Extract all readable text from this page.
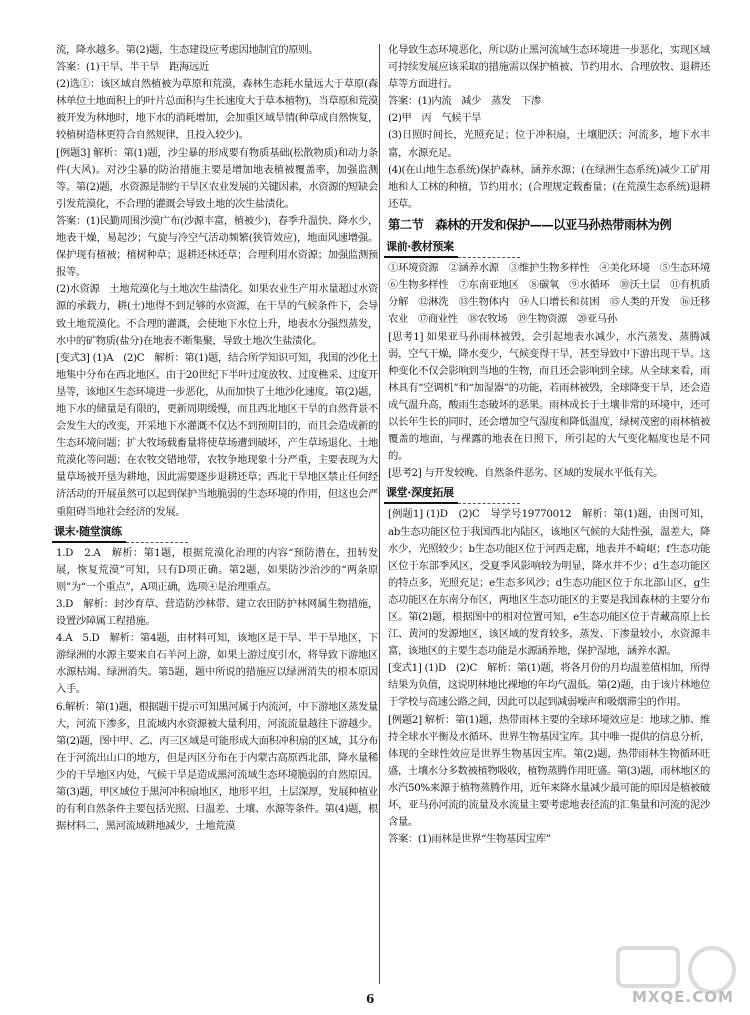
流，降水越多。第(2)题，生态建设应考虑因地制宜的原则。

答案：(1)干旱、半干旱　距海远近

(2)选①：该区域自然植被为草原和荒漠，森林生态耗水量远大于草原(森林单位土地面积上的叶片总面积与生长速度大于草本植物)，当草原和荒漠被开发为林地时，地下水的消耗增加，会加重区域旱情(种草成自然恢复，较植树造林更符合自然规律，且投入较少)。

[例题3] 解析：第(1)题，沙尘暴的形成要有物质基础(松散物质)和动力条件(大风)。对沙尘暴的防治措施主要是增加地表植被覆盖率，加强监测等。第(2)题，水资源是制约干旱区农业发展的关键因素，水资源的短缺会引发荒漠化，不合理的灌溉会导致土地的次生盐渍化。

答案：(1)民勤周围沙漠广布(沙源丰富，植被少)，春季升温快、降水少，地表干燥，易起沙；气旋与冷空气活动频繁(狭管效应)，地面风速增强。保护现有植被；植树种草；退耕还林还草；合理利用水资源；加强监测预报等。

(2)水资源　土地荒漠化与土地次生盐渍化。如果农业生产用水量超过水资源的承载力，耕(土)地得不到足够的水资源，在干旱的气候条件下，会导致土地荒漠化。不合理的灌溉，会使地下水位上升，地表水分强烈蒸发，水中的矿物质(盐分)在地表不断集聚，导致土地次生盐渍化。

[变式3] (1)A　(2)C　解析：第(1)题，结合所学知识可知，我国的沙化土地集中分布在西北地区。由于20世纪下半叶过度放牧、过度樵采、过度开垦等，该地区生态环境进一步恶化，从而加快了土地沙化速度。第(2)题，地下水的储量是有限的，更新周期缓慢，而且西北地区干旱的自然背景不会发生大的改变，开采地下水灌溉不仅达不到预期目的，而且会造成新的生态环境问题；扩大牧场载畜量将使草场遭到破坏，产生草场退化、土地荒漠化等问题；在农牧交错地带，农牧争地现象十分严重，主要表现为大量草场被开垦为耕地，因此需要逐步退耕还草；西北干旱地区禁止任何经济活动的开展虽然可以起到保护当地脆弱的生态环境的作用，但这也会严重阻碍当地社会经济的发展。

课末·随堂演练

1.D　2.A　解析：第1题，根据荒漠化治理的内容“预防潜在，扭转发展，恢复荒漠”可知，只有D项正确。第2题，如果防沙治沙的“两条原则”为“一个重点”，A项正确，选项④是治理重点。

3.D　解析：封沙育草、营造防沙林带、建立农田防护林网属生物措施，设置沙障属工程措施。

4.A　5.D　解析：第4题，由材料可知，该地区是干旱、半干旱地区，下游绿洲的水源主要来自石羊河上游，如果上游过度引水，将导致下游地区水源枯竭、绿洲消失。第5题，题中所说的措施应以绿洲消失的根本原因入手。

6.解析：第(1)题，根据题干提示可知黑河属于内流河，中下游地区蒸发量大，河流下渗多，且流域内水资源被大量利用，河流流量越往下游越少。第(2)题，图中甲、乙、丙三区域是可能形成大面积冲积扇的区域，其分布在于河流出山口的地方，但是丙区分布在于内蒙古高原西北部，降水量稀少的干旱地区内处，气候干旱是造成黑河流域生态环境脆弱的自然原因。第(3)题，甲区域位于黑河冲积扇地区，地形平坦，土层深厚，发展种植业的有利自然条件主要包括光照、日温差、土壤、水源等条件。第(4)题，根据材料二，黑河流域耕地减少，土地荒漠

化导致生态环境恶化，所以防止黑河流域生态环境进一步恶化，实现区域可持续发展应该采取的措施需以保护植被、节约用水、合理放牧、退耕还草等方面进行。

答案：(1)内流　减少　蒸发　下渗

(2)甲　丙　气候干旱

(3)日照时间长，光照充足；位于冲积扇，土壤肥沃；河流多，地下水丰富，水源充足。

(4)(在山地生态系统)保护森林，涵养水源；(在绿洲生态系统)减少工矿用地和人工林的种植，节约用水；(合理规定载畜量；(在荒漠生态系统)退耕还草。

第二节　森林的开发和保护——以亚马孙热带雨林为例
课前·教材预案

①环境资源　②涵养水源　③维护生物多样性　④美化环境　⑤生态环境　⑥生物多样性　⑦东南亚地区　⑧碳氧　⑨水循环　⑩沃土层　⑪有机质分解　⑫淋洗　⑬生物体内　⑭人口增长和贫困　⑮人类的开发　⑯迁移农业　⑰商业性　⑱农牧场　⑲生物资源　⑳亚马孙

[思考1] 如果亚马孙雨林被毁，会引起地表水减少，水汽蒸发、蒸腾减弱，空气干燥，降水变少，气候变得干旱，甚至导致中下游出现干旱。这种变化不仅会影响到当地的生物，而且还会影响到全球。从全球来看，雨林具有“空调机”和“加湿器”的功能，若雨林被毁，全球降变干旱，还会造成气温升高，酸雨生态破坏的恶果。雨林成长于土壤非常的环境中，还可以长年生长的同时，还会增加空气湿度和降低温度，绿树茂密的雨林植被覆盖的地面，与裸露的地表在日照下，所引起的大气变化幅度也是不同的。

[思考2] 与开发较晚、自然条件恶劣、区域的发展水平低有关。

课堂·深度拓展

[例题1] (1)D　(2)C　导学号19770012　解析：第(1)题，由图可知，ab生态功能区位于我国西北内陆区，该地区气候的大陆性强，温差大，降水少，光照较少；b生态功能区位于河西走廊，地表并不崎岖；f生态功能区位于东部季风区，受夏季风影响较为明显，降水并不少；d生态功能区的特点多，光照充足；e生态多风沙；d生态功能区位于东北部山区，g生态功能区在东南分布区，两地区生态功能区的主要是我国森林的主要分布区。第(2)题，根据图中的相对位置可知，e生态功能区位于青藏高原上长江、黄河的发源地区，该区域的发育较多，蒸发、下渗量较小，水资源丰富，该地区的主要生态功能是水源涵养地，保护湿地，涵养水源。

[变式1] (1)D　(2)C　解析：第(1)题，将各月份的月均温差值相加，所得结果为负值，这说明林地比裸地的年均气温低。第(2)题，由于该片林地位于学校与高速公路之间，因此可以起到减弱噪声和吸烟滞尘的作用。

[例题2] 解析：第(1)题，热带雨林主要的全球环境效应是：地球之肺、维持全球水平衡及水循环、世界生物基因宝库。其中唯一提供的信息分析，体现的全球性效应是世界生物基因宝库。第(2)题，热带雨林生物循环旺盛，土壤水分多数被植物吸收，植物蒸腾作用旺盛。第(3)题，雨林地区的水汽50%来源于植物蒸腾作用，近年来降水量减少最可能的原因是植被破坏，亚马孙河流的流量及水流量主要考虑地表径流的汇集量和河流的泥沙含量。

答案：(1)雨林是世界“生物基因宝库”

6	MXQE.COM
